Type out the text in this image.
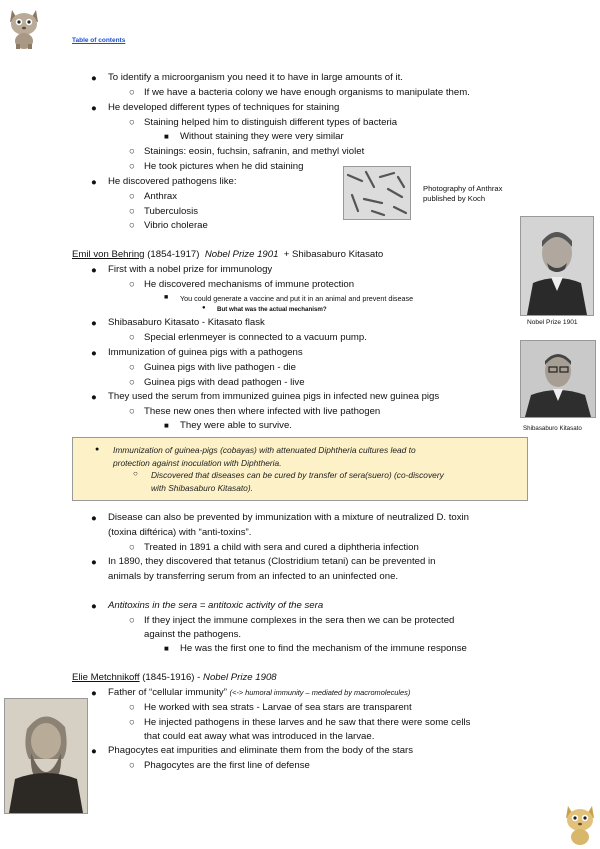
Table of contents
● To identify a microorganism you need it to have in large amounts of it.
○ If we have a bacteria colony we have enough organisms to manipulate them.
● He developed different types of techniques for staining
○ Staining helped him to distinguish different types of bacteria
■ Without staining they were very similar
○ Stainings: eosin, fuchsin, safranin, and methyl violet
○ He took pictures when he did staining
● He discovered pathogens like:
○ Anthrax
○ Tuberculosis
○ Vibrio cholerae
Photography of Anthrax
published by Koch
Emil von Behring (1854-1917) Nobel Prize 1901 + Shibasaburo Kitasato
● First with a nobel prize for immunology
○ He discovered mechanisms of immune protection
■ You could generate a vaccine and put it in an animal and prevent disease
● But what was the actual mechanism?
● Shibasaburo Kitasato - Kitasato flask
○ Special erlenmeyer is connected to a vacuum pump.
● Immunization of guinea pigs with a pathogens
○ Guinea pigs with live pathogen - die
○ Guinea pigs with dead pathogen - live
● They used the serum from immunized guinea pigs in infected new guinea pigs
○ These new ones then where infected with live pathogen
■ They were able to survive.
Nobel Prize 1901
Shibasaburo Kitasato
● Immunization of guinea-pigs (cobayas) with attenuated Diphtheria cultures lead to
protection against inoculation with Diphtheria.
○ Discovered that diseases can be cured by transfer of sera(suero) (co-discovery
with Shibasaburo Kitasato).
● Disease can also be prevented by immunization with a mixture of neutralized D. toxin
(toxina diftérica) with “anti-toxins”.
○ Treated in 1891 a child with sera and cured a diphtheria infection
● In 1890, they discovered that tetanus (Clostridium tetani) can be prevented in
animals by transferring serum from an infected to an uninfected one.
● Antitoxins in the sera = antitoxic activity of the sera
○ If they inject the immune complexes in the sera then we can be protected
against the pathogens.
■ He was the first one to find the mechanism of the immune response
Elie Metchnikoff (1845-1916) - Nobel Prize 1908
● Father of “cellular immunity” (<-> humoral immunity – mediated by macromolecules)
○ He worked with sea strats - Larvae of sea stars are transparent
○ He injected pathogens in these larves and he saw that there were some cells
that could eat away what was introduced in the larvae.
● Phagocytes eat impurities and eliminate them from the body of the stars
○ Phagocytes are the first line of defense
